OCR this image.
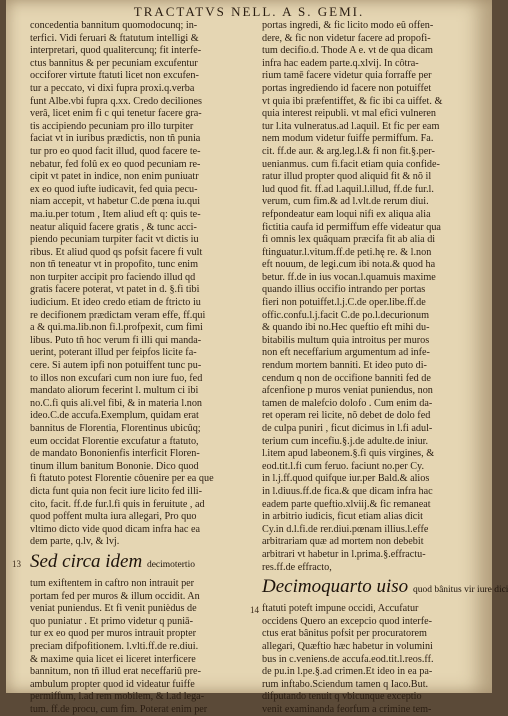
TRACTATVS NELL. A S. GEMI.
concedentia bannitum quomodocunq; in-
terfici. Vidi feruari & ftatutum intelligi &
interpretari, quod qualitercunq; fit interfe-
ctus bannitus & per pecuniam excufentur
occiforer virtute ftatuti licet non excufen-
tur a peccato, vi dixi fupra proxi.q.verba
funt Albe.vbi fupra q.xx. Credo deciliones
verâ, licet enim fi c qui tenetur facere gra-
tis accipiendo pecuniam pro illo turpiter
faciat vt in iuribus prædictis, non tñ punia
tur pro eo quod facit illud, quod facere te-
nebatur, fed folû ex eo quod pecuniam re-
cipit vt patet in indice, non enim puniuatr
ex eo quod iufte iudicavit, fed quia pecu-
niam accepit, vt habetur C.de pœna iu.qui
ma.iu.per totum , Item aliud eft q: quis te-
neatur aliquid facere gratis , & tunc acci-
piendo pecuniam turpiter facit vt dictis iu
ribus. Et aliud quod qs pofsit facere fi vult
non tñ teneatur vt in propofito, tunc enim
non turpiter accipit pro faciendo illud qd
gratis facere poterat, vt patet in d. §.fi tibi
iudicium. Et ideo credo etiam de ftricto iu
re decifionem prædictam veram effe, ff.qui
a & qui.ma.lib.non fi.l.profpexit, cum fimi
libus. Puto tñ hoc verum fi illi qui manda-
uerint, poterant illud per feipfos licite fa-
cere. Si autem ipfi non potuiffent tunc pu-
to illos non excufari cum non iure fuo, fed
mandato aliorum fecerint l. multum ci ibi
no.C.fi quis ali.vel fibi, & in materia l.non
ideo.C.de accufa.Exemplum, quidam erat
bannitus de Florentia, Florentinus ubicûq;
eum occidat Florentie excufatur a ftatuto,
de mandato Bononienfis interficit Floren-
tinum illum banitum Bononie. Dico quod
fi ftatuto potest Florentie côuenire per ea que
dicta funt quia non fecit iure licito fed illi-
cito, facit. ff.de fur.l.fi quis in feruitute , ad
quod poffent multa iura allegari, Pro quo
vltimo dicto vide quod dicam infra hac ea
dem parte, q.lv, & lvj.
13 Sed circa idem decimotertio
tum exiftentem in caftro non intrauit per
portam fed per muros & illum occidit. An
veniat puniendus. Et fi venit punièdus de
quo puniatur . Et primo videtur q puniā-
tur ex eo quod per muros intrauit propter
preciam difpofitionem. l.vlti.ff.de re.diui.
& maxime quia licet ei liceret interficere
bannitum, non tñ illud erat neceffariû pre-
ambulum propter quod id videatur fuiffe
permiffum, l.ad rem mobilem, & l.ad lega-
tum. ff.de procu, cum fim. Poterat enim per
portas ingredi, & fic licito modo eû offen-
dere, & fic non videtur facere ad propofi-
tum decifio.d. Thode A e. vt de qua dicam
infra hac eadem parte.q.xlvij. In côtra-
rium tamē facere videtur quia forraffe per
portas ingrediendo id facere non potuiffet
vt quia ibi præfentiffet, & fic ibi ca uiffet. &
quia interest reipubli. vt mal efici vulneren
tur l.ita vulneratus.ad l.aquil. Et fic per eam
nem modum videtur fuiffe permiffum. Fa.
cit. ff.de aur. & arg.leg.l.& fi non fit.§.per-
uenianmus. cum fi.facit etiam quia confide-
ratur illud propter quod aliquid fit & nõ il
lud quod fit. ff.ad l.aquil.l.illud, ff.de fur.l.
verum, cum fim.& ad l.vlt.de rerum diui.
refpondeatur eam loqui nifi ex aliqua alia
fictitia caufa id permiffum effe videatur qua
fi omnis lex quâquam præcifa fit ab alia di
ftinguatur.l.vitum.ff.de peti.hę re. & l.non
eft nouum, de legi.cum ibi nota.& quod ha
betur. ff.de in ius vocan.l.quamuis maxime
quando illius occifio intrando per portas
fieri non potuiffet.l.j.C.de oper.libe.ff.de
offic.confu.l.j.facit C.de po.l.decurionum
& quando ibi no.Hec queftio eft mihi du-
bitabilis multum quia introitus per muros
non eft neceffarium argumentum ad infe-
rendum mortem banniti. Et ideo puto di-
cendum q non de occifione banniti fed de
afcenfione p muros veniat puniendus, non
tamen de malefcio dolofo . Cum enim da-
ret operam rei licite, nõ debet de dolo fed
de culpa puniri , ficut dicimus in l.fi adul-
terium cum incefiu.§.j.de adulte.de iniur.
l.item apud labeonem.§.fi quis virgines, &
eod.tit.l.fi cum feruo. faciunt no.per Cy.
in l.j.ff.quod quifque iur.per Bald.& alios
in l.diuus.ff.de fica.& que dicam infra hac
eadem parte queftio.xlviij.& fic remaneat
in arbitrio iudicis, ficut etiam alias dicit
Cy.in d.l.fi.de rer.diui.pœnam illius.l.effe
arbitrariam quæ ad mortem non debebit
arbitrari vt habetur in l.prima.§.effractu-
res.ff.de effracto,
Decimoquarto uiso quod bânitus vir iure dici
14 ftatuti poteft impune occidi, Accufatur
occidens Quero an excepcio quod interfe-
ctus erat bânitus pofsit per procuratorem
allegari, Quæftio hæc habetur in volumini
bus in c.veniens.de accufa.eod.tit.l.reos.ff.
de pu.in l.pe.§.ad crimen.Et ideo in ea pa-
rum inftabo.Sciendum tamen q Iaco.But.
difputando tenuit q vbicunque exceptio
venit examinanda feorfum a crimine tem-
